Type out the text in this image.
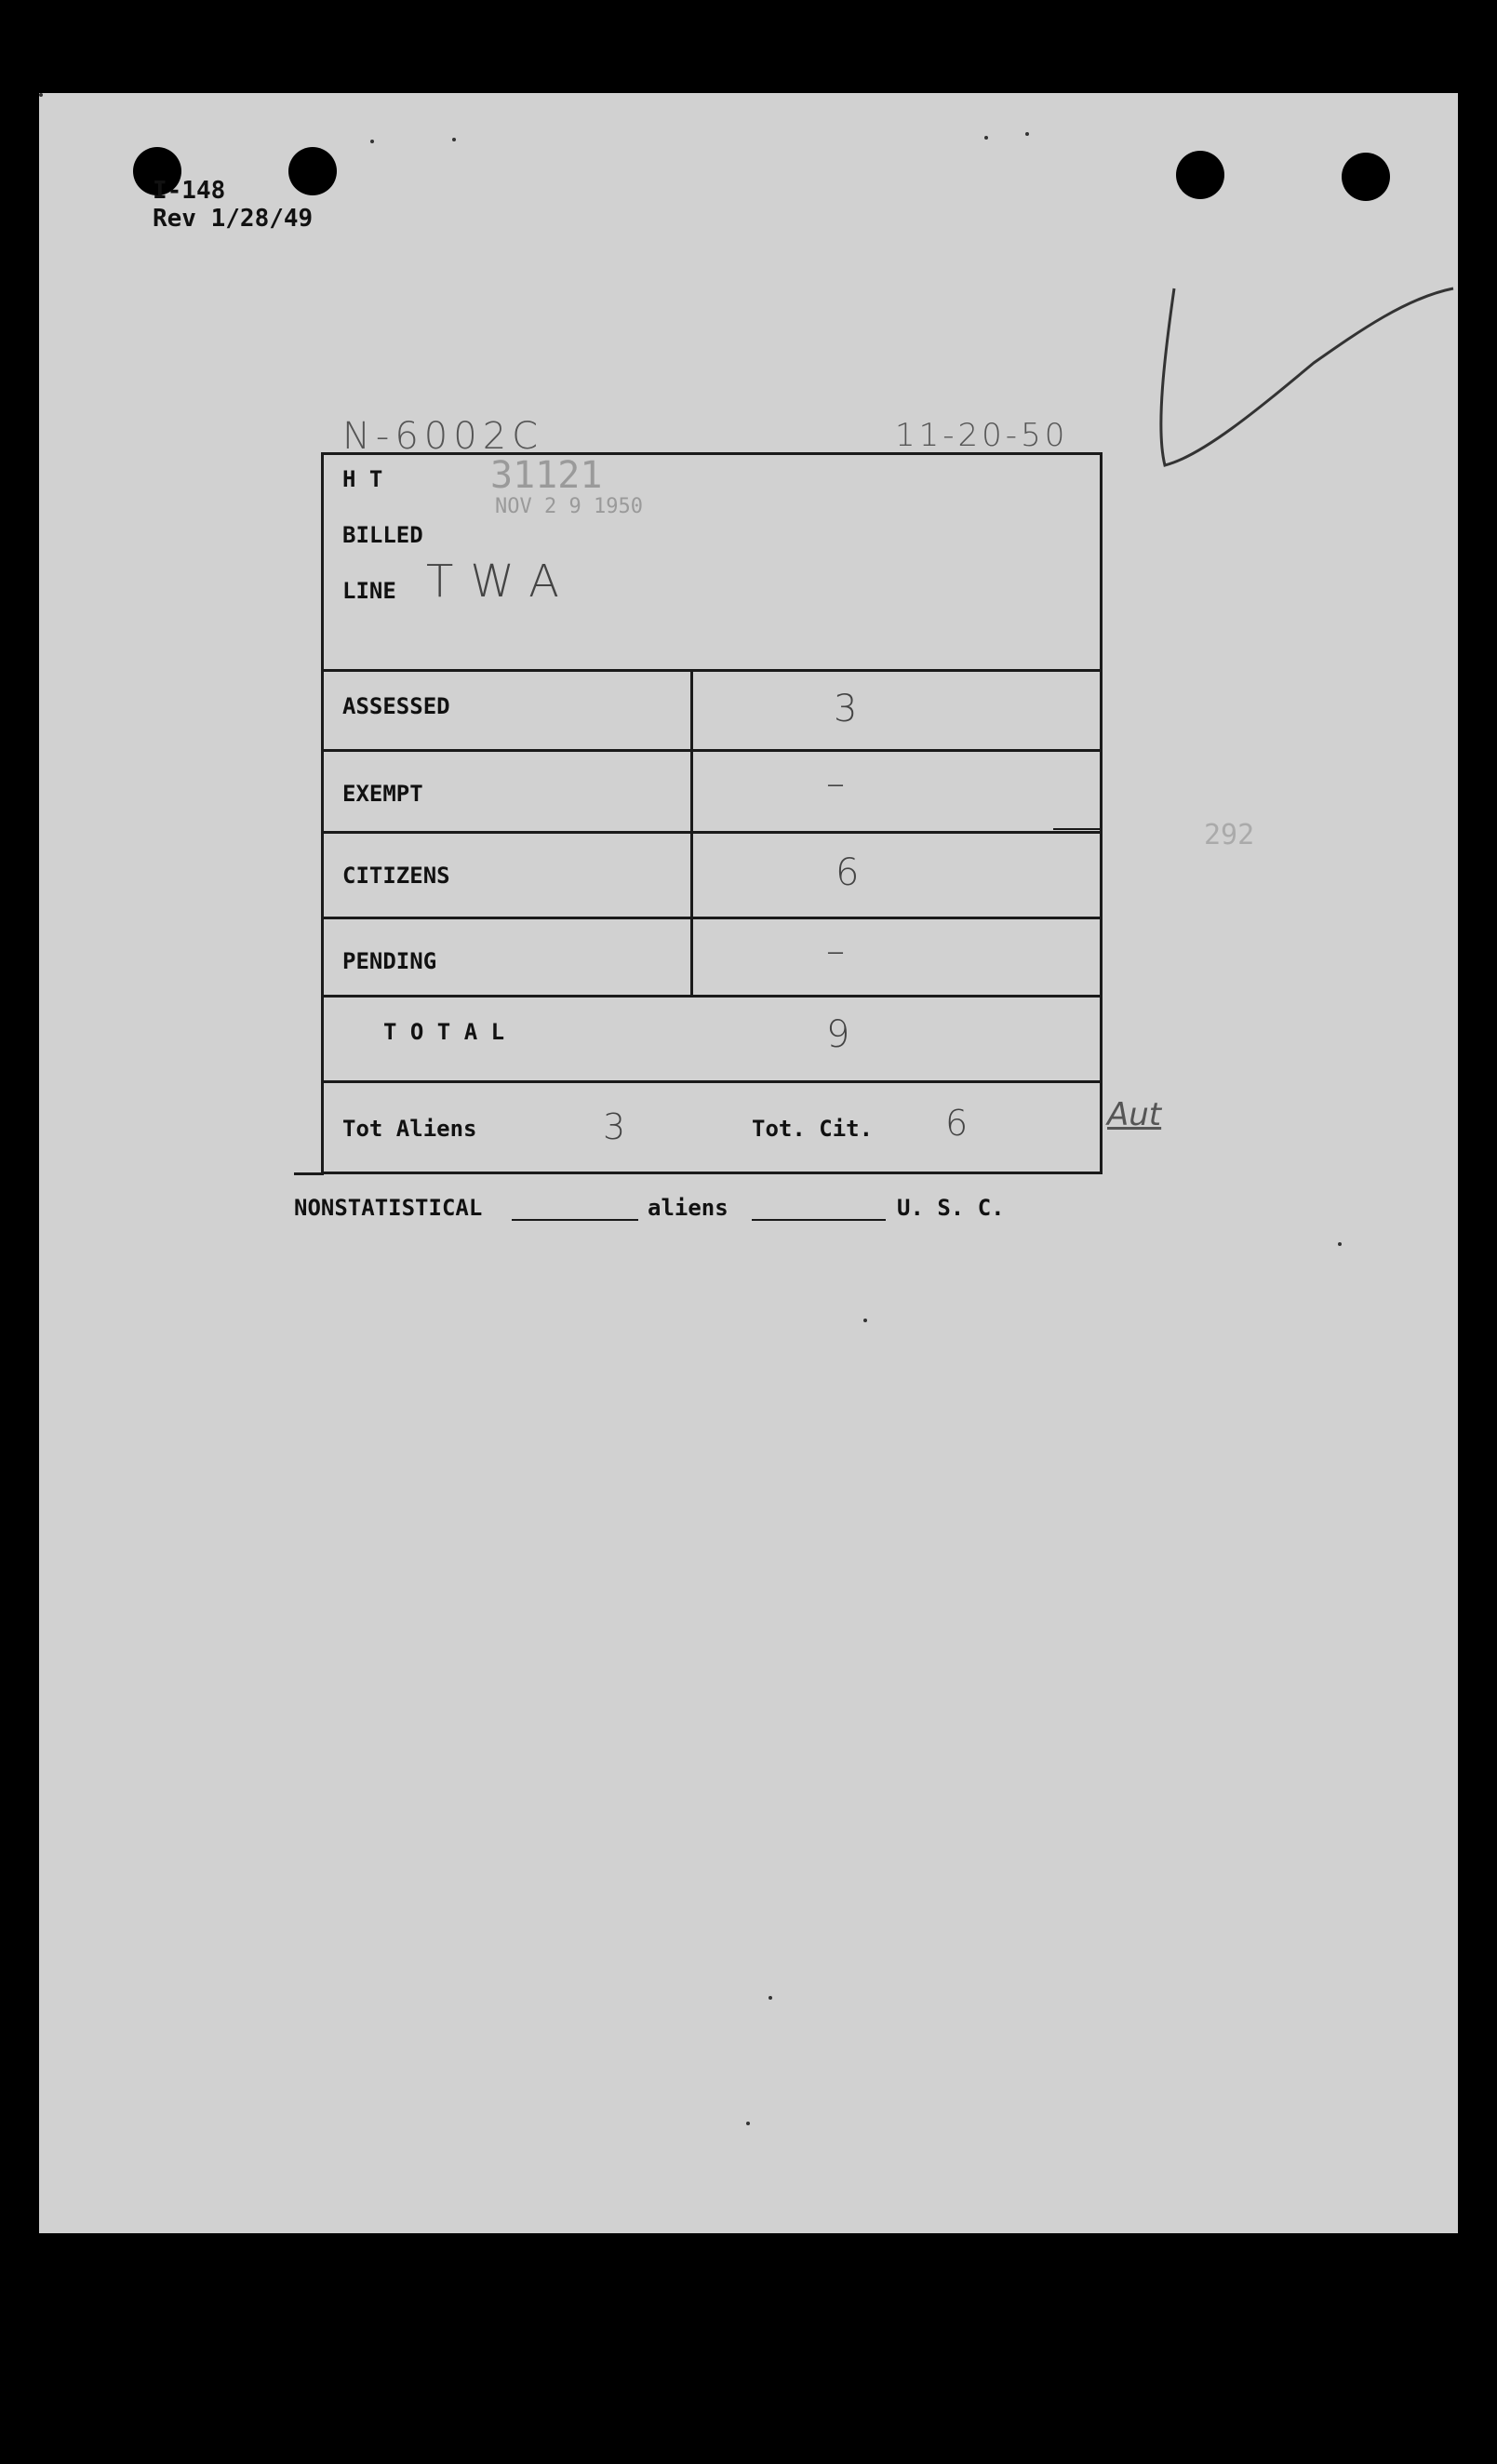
I-148
Rev 1/28/49
N-6002C	11-20-50
31121
NOV 2 9 1950
292
H T
BILLED
LINE TWA
ASSESSED	3
EXEMPT	–
CITIZENS	6
PENDING	–
T O T A L	9
Tot Aliens	3	Tot. Cit. 6	Aut
NONSTATISTICAL	aliens	U. S. C.
